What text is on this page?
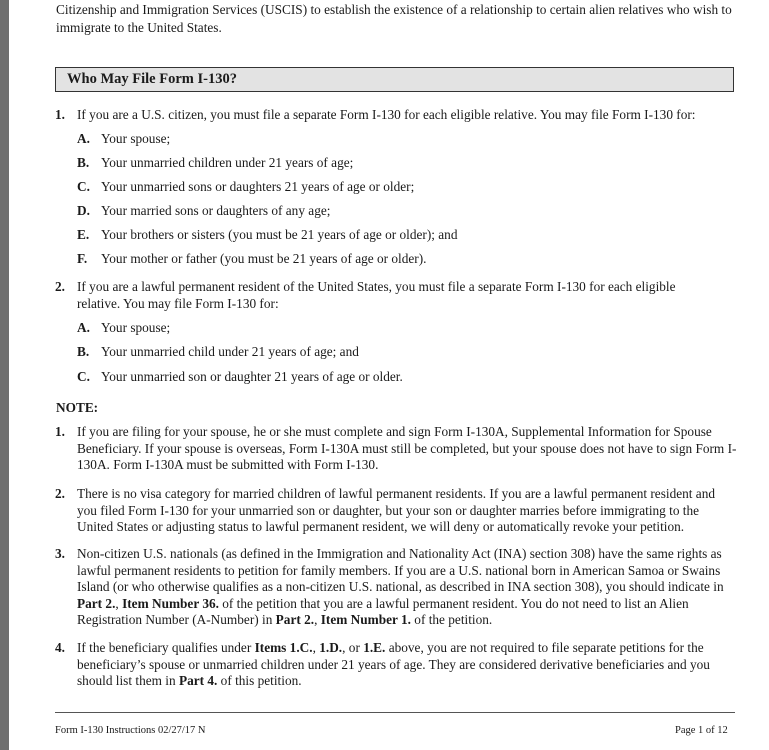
Citizenship and Immigration Services (USCIS) to establish the existence of a relationship to certain alien relatives who wish to immigrate to the United States.

Who May File Form I-130?
1. If you are a U.S. citizen, you must file a separate Form I-130 for each eligible relative. You may file Form I-130 for:

A. Your spouse;
B. Your unmarried children under 21 years of age;
C. Your unmarried sons or daughters 21 years of age or older;
D. Your married sons or daughters of any age;
E. Your brothers or sisters (you must be 21 years of age or older); and
F. Your mother or father (you must be 21 years of age or older).
2. If you are a lawful permanent resident of the United States, you must file a separate Form I-130 for each eligible relative. You may file Form I-130 for:

A. Your spouse;
B. Your unmarried child under 21 years of age; and
C. Your unmarried son or daughter 21 years of age or older.
NOTE:
1. If you are filing for your spouse, he or she must complete and sign Form I-130A, Supplemental Information for Spouse Beneficiary. If your spouse is overseas, Form I-130A must still be completed, but your spouse does not have to sign Form I-130A. Form I-130A must be submitted with Form I-130.

2. There is no visa category for married children of lawful permanent residents. If you are a lawful permanent resident and you filed Form I-130 for your unmarried son or daughter, but your son or daughter marries before immigrating to the United States or adjusting status to lawful permanent resident, we will deny or automatically revoke your petition.

3. Non-citizen U.S. nationals (as defined in the Immigration and Nationality Act (INA) section 308) have the same rights as lawful permanent residents to petition for family members. If you are a U.S. national born in American Samoa or Swains Island (or who otherwise qualifies as a non-citizen U.S. national, as described in INA section 308), you should indicate in Part 2., Item Number 36. of the petition that you are a lawful permanent resident. You do not need to list an Alien Registration Number (A-Number) in Part 2., Item Number 1. of the petition.

4. If the beneficiary qualifies under Items 1.C., 1.D., or 1.E. above, you are not required to file separate petitions for the beneficiary’s spouse or unmarried children under 21 years of age. They are considered derivative beneficiaries and you should list them in Part 4. of this petition.

Form I-130 Instructions 02/27/17 N	Page 1 of 12
